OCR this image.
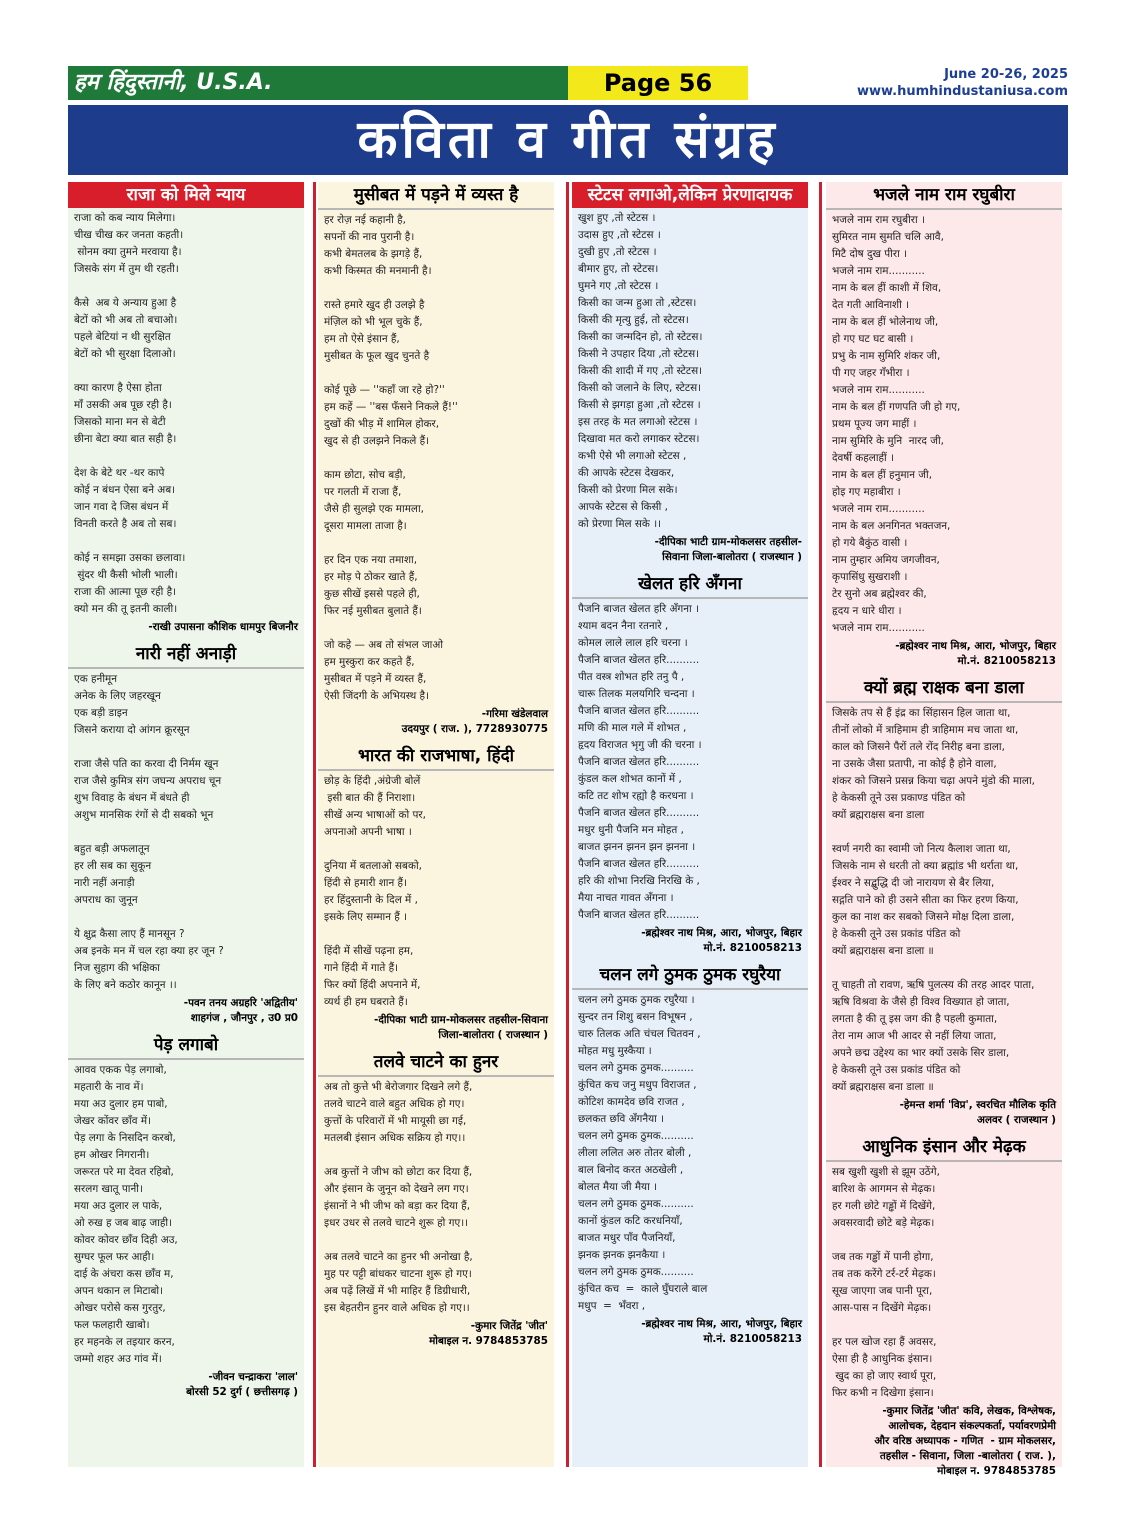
हम हिंदुस्तानी, U.S.A.	Page 56	June 20-26, 2025
www.humhindustaniusa.com
कविता व गीत संग्रह
राजा को मिले न्याय
राजा को कब न्याय मिलेगा।
चीख चीख कर जनता कहती।
सोनम क्या तुमने मरवाया है।
जिसके संग में तुम थी रहती।

कैसे  अब ये अन्याय हुआ है
बेटों को भी अब तो बचाओ।
पहले बेटियां न थी सुरक्षित
बेटों को भी सुरक्षा दिलाओ।

क्या कारण है ऐसा होता
माँ उसकी अब पूछ रही है।
जिसको माना मन से बेटी
छीना बेटा क्या बात सही है।

देश के बेटे थर -थर कापे
कोई न बंधन ऐसा बने अब।
जान गवा दे जिस बंधन में
विनती करते है अब तो सब।

कोई न समझा उसका छलावा।
सुंदर थी कैसी भोली भाली।
राजा की आत्मा पूछ रही है।
क्यो मन की तू इतनी काली।
-राखी उपासना कौशिक धामपुर बिजनौर
नारी नहीं अनाड़ी
एक हनीमून
अनेक के लिए जहरखून
एक बड़ी डाइन
जिसने कराया दो आंगन क्रूरसून

राजा जैसे पति का करवा दी निर्मम खून
राज जैसे कुमित्र संग जघन्य अपराध चून
शुभ विवाह के बंधन में बंधते ही
अशुभ मानसिक रंगों से दी सबको भून

बहुत बड़ी अफलातून
हर ली सब का सुकून
नारी नहीं अनाड़ी
अपराध का जुनून

ये क्षुद्र कैसा लाए हैं मानसून ?
अब इनके मन में चल रहा क्या हर जून ?
निज सुहाग की भक्षिका
के लिए बने कठोर कानून ।।
-पवन तनय अग्रहरि 'अद्वितीय'
शाहगंज , जौनपुर , उ0 प्र0
पेड़ लगाबो
आवव एकक पेड़ लगाबो,
महतारी के नाव में।
मया अउ दुलार हम पाबो,
जेखर कोंवर छाँव में।
पेड़ लगा के निसदिन करबो,
हम ओखर निगरानी।
जरूरत परे मा देवत रहिबो,
सरलग खातू पानी।
मया अउ दुलार ल पाके,
ओ रुख ह जब बाढ़ जाही।
कोवर कोवर छाँव दिही अउ,
सुग्घर फूल फर आही।
दाई के अंचरा कस छाँव म,
अपन थकान ल मिटाबो।
ओखर परोसे कस गुरतुर,
फल फलहारी खाबो।
हर महनके ल तइयार करन,
जम्मो शहर अउ गांव में।
-जीवन चन्द्राकरा 'लाल'
बोरसी 52 दुर्ग ( छत्तीसगढ़ )
मुसीबत में पड़ने में व्यस्त है
हर रोज़ नई कहानी है,
सपनों की नाव पुरानी है।
कभी बेमतलब के झगड़े हैं,
कभी किस्मत की मनमानी है।

रास्ते हमारे खुद ही उलझे है
मंज़िल को भी भूल चुके हैं,
हम तो ऐसे इंसान हैं,
मुसीबत के फूल खुद चुनते है

कोई पूछे — ''कहाँ जा रहे हो?''
हम कहें — ''बस फँसने निकले हैं!''
दुखों की भीड़ में शामिल होकर,
खुद से ही उलझने निकले हैं।

काम छोटा, सोच बड़ी,
पर गलती में राजा हैं,
जैसे ही सुलझे एक मामला,
दूसरा मामला ताजा है।

हर दिन एक नया तमाशा,
हर मोड़ पे ठोकर खाते हैं,
कुछ सीखें इससे पहले ही,
फिर नई मुसीबत बुलाते हैं।

जो कहे — अब तो संभल जाओ
हम मुस्कुरा कर कहते हैं,
मुसीबत में पड़ने में व्यस्त हैं,
ऐसी जिंदगी के अभियस्थ है।
-गरिमा खंडेलवाल
उदयपुर ( राज. ), 7728930775
भारत की राजभाषा, हिंदी
छोड़ के हिंदी ,अंग्रेजी बोलें
इसी बात की हैं निराशा।
सीखें अन्य भाषाओं को पर,
अपनाओ अपनी भाषा ।

दुनिया में बतलाओ सबको,
हिंदी से हमारी शान हैं।
हर हिंदुस्तानी के दिल में ,
इसके लिए सम्मान हैं ।

हिंदी में सीखें पढ़ना हम,
गाने हिंदी में गाते हैं।
फिर क्यों हिंदी अपनाने में,
व्यर्थ ही हम घबराते हैं।
-दीपिका भाटी ग्राम-मोकलसर तहसील-सिवाना
जिला-बालोतरा ( राजस्थान )
तलवे चाटने का हुनर
अब तो कुत्ते भी बेरोजगार दिखने लगे हैं,
तलवे चाटने वाले बहुत अधिक हो गए।
कुत्तों के परिवारों में भी मायूसी छा गई,
मतलबी इंसान अधिक सक्रिय हो गए।।

अब कुत्तों ने जीभ को छोटा कर दिया हैं,
और इंसान के जुनून को देखने लग गए।
इंसानों ने भी जीभ को बड़ा कर दिया हैं,
इधर उधर से तलवे चाटने शुरू हो गए।।

अब तलवे चाटने का हुनर भी अनोखा है,
मुह पर पट्टी बांधकर चाटना शुरू हो गए।
अब पढ़ें लिखें में भी माहिर हैं डिग्रीधारी,
इस बेहतरीन हुनर वाले अधिक हो गए।।
-कुमार जितेंद्र 'जीत'
मोबाइल न. 9784853785
स्टेटस लगाओ,लेकिन प्रेरणादायक
खुश हुए ,तो स्टेटस ।
उदास हुए ,तो स्टेटस ।
दुखी हुए ,तो स्टेटस ।
बीमार हुए, तो स्टेटस।
घुमने गए ,तो स्टेटस ।
किसी का जन्म हुआ तो ,स्टेटस।
किसी की मृत्यु हुई, तो स्टेटस।
किसी का जन्मदिन हो, तो स्टेटस।
किसी ने उपहार दिया ,तो स्टेटस।
किसी की शादी में गए ,तो स्टेटस।
किसी को जलाने के लिए, स्टेटस।
किसी से झगड़ा हुआ ,तो स्टेटस ।
इस तरह के मत लगाओ स्टेटस ।
दिखावा मत करो लगाकर स्टेटस।
कभी ऐसे भी लगाओ स्टेटस ,
की आपके स्टेटस देखकर,
किसी को प्रेरणा मिल सके।
आपके स्टेटस से किसी ,
को प्रेरणा मिल सके ।।
-दीपिका भाटी ग्राम-मोकलसर तहसील-
सिवाना जिला-बालोतरा ( राजस्थान )
खेलत हरि अँगना
पैजनि बाजत खेलत हरि अँगना ।
श्याम बदन नैना रतनारे ,
कोमल लाले लाल हरि चरना ।
पैजनि बाजत खेलत हरि..........
पीत वस्त्र शोभत हरि तनु पै ,
चारू तिलक मलयगिरि चन्दना ।
पैजनि बाजत खेलत हरि..........
मणि की माल गले में शोभत ,
हृदय विराजत भृगु जी की चरना ।
पैजनि बाजत खेलत हरि..........
कुंडल कल शोभत कानों में ,
कटि तट शोभ रह्यो है करधना ।
पैजनि बाजत खेलत हरि..........
मधुर धुनी पैजनि मन मोहत ,
बाजत झनन झनन झन झनना ।
पैजनि बाजत खेलत हरि..........
हरि की शोभा निरखि निरखि के ,
मैया नाचत गावत अँगना ।
पैजनि बाजत खेलत हरि..........
-ब्रह्मेश्वर नाथ मिश्र, आरा, भोजपुर, बिहार
मो.नं. 8210058213
चलन लगे ठुमक ठुमक रघुरैया
चलन लगे ठुमक ठुमक रघुरैया ।
सुन्दर तन शिशु बसन विभूषन ,
चारु तिलक अति चंचल चितवन ,
मोहत मधु मुस्कैया ।
चलन लगे ठुमक ठुमक..........
कुंचित कच जनु मधुप विराजत ,
कोटिश कामदेव छवि राजत ,
छलकत छवि अँगनैया ।
चलन लगे ठुमक ठुमक..........
लीला ललित अरु तोतर बोली ,
बाल बिनोद करत अठखेली ,
बोलत मैया जी मैया ।
चलन लगे ठुमक ठुमक..........
कानों कुंडल कटि करधनियाँ,
बाजत मधुर पाँव पैजनियाँ,
झनक झनक झनकैया ।
चलन लगे ठुमक ठुमक..........
कुंचित कच  =  काले घुँघराले बाल
मधुप  =  भँवरा ,
-ब्रह्मेश्वर नाथ मिश्र, आरा, भोजपुर, बिहार
मो.नं. 8210058213
भजले नाम राम रघुबीरा
भजले नाम राम रघुबीरा ।
सुमिरत नाम सुमति चलि आवै,
मिटै दोष दुख पीरा ।
भजले नाम राम...........
नाम के बल हीं काशी में शिव,
देत गती आविनाशी ।
नाम के बल हीं भोलेनाथ जी,
हो गए घट घट बासी ।
प्रभु के नाम सुमिरि शंकर जी,
पी गए जहर गँभीरा ।
भजले नाम राम...........
नाम के बल हीं गणपति जी हो गए,
प्रथम पूज्य जग माहीं ।
नाम सुमिरि के मुनि  नारद जी,
देवर्षी कहलाहीं ।
नाम के बल हीं हनुमान जी,
होइ गए महाबीरा ।
भजले नाम राम...........
नाम के बल अनगिनत भक्तजन,
हो गये बैकुंठ वासी ।
नाम तुम्हार अमिय जगजीवन,
कृपासिंधु सुखराशी ।
टेर सुनो अब ब्रह्मेश्वर की,
हृदय न धारे धीरा ।
भजले नाम राम...........
-ब्रह्मेश्वर नाथ मिश्र, आरा, भोजपुर, बिहार
मो.नं. 8210058213
क्यों ब्रह्म राक्षक बना डाला
जिसके तप से हैं इंद्र का सिंहासन हिल जाता था,
तीनों लोको में त्राहिमाम ही त्राहिमाम मच जाता था,
काल को जिसने पैरों तले रोंद निरीह बना डाला,
ना उसके जैसा प्रतापी, ना कोई है होने वाला,
शंकर को जिसने प्रसन्न किया चढ़ा अपने मुंडो की माला,
हे केकसी तूने उस प्रकाण्ड पंडित को
क्यों ब्रह्मराक्षस बना डाला

स्वर्ण नगरी का स्वामी जो नित्य कैलाश जाता था,
जिसके नाम से धरती तो क्या ब्रह्मांड भी थर्राता था,
ईश्वर ने सद्बुद्धि दी जो नारायण से बैर लिया,
सद्गति पाने को ही उसने सीता का फिर हरण किया,
कुल का नाश कर सबको जिसने मोक्ष दिला डाला,
हे केकसी तूने उस प्रकांड पंडित को
क्यों ब्रह्मराक्षस बना डाला ॥

तू चाहती तो रावण, ऋषि पुलत्स्य की तरह आदर पाता,
ऋषि विश्रवा के जैसे ही विश्व विख्यात हो जाता,
लगता है की तू इस जग की है पहली कुमाता,
तेरा नाम आज भी आदर से नहीं लिया जाता,
अपने छद्म उद्देश्य का भार क्यों उसके सिर डाला,
हे केकसी तूने उस प्रकांड पंडित को
क्यों ब्रह्मराक्षस बना डाला ॥
-हेमन्त शर्मा 'विप्र', स्वरचित मौलिक कृति
अलवर ( राजस्थान )
आधुनिक इंसान और मेढ़क
सब खुशी खुशी से झूम उठेंगे,
बारिश के आगमन से मेढ़क।
हर गली छोटे गड्ढों में दिखेंगे,
अवसरवादी छोटे बड़े मेढ़क।

जब तक गड्ढों में पानी होगा,
तब तक करेंगे टर्र-टर्र मेढ़क।
सूख जाएगा जब पानी पूरा,
आस-पास न दिखेंगे मेढ़क।

हर पल खोज रहा हैं अवसर,
ऐसा ही है आधुनिक इंसान।
खुद का हो जाए स्वार्थ पूरा,
फिर कभी न दिखेगा इंसान।
-कुमार जितेंद्र 'जीत' कवि, लेखक, विश्लेषक,
आलोचक, देहदान संकल्पकर्ता, पर्यावरणप्रेमी
और वरिष्ठ अध्यापक - गणित  - ग्राम मोकलसर,
तहसील - सिवाना, जिला -बालोतरा ( राज. ),
मोबाइल न. 9784853785
